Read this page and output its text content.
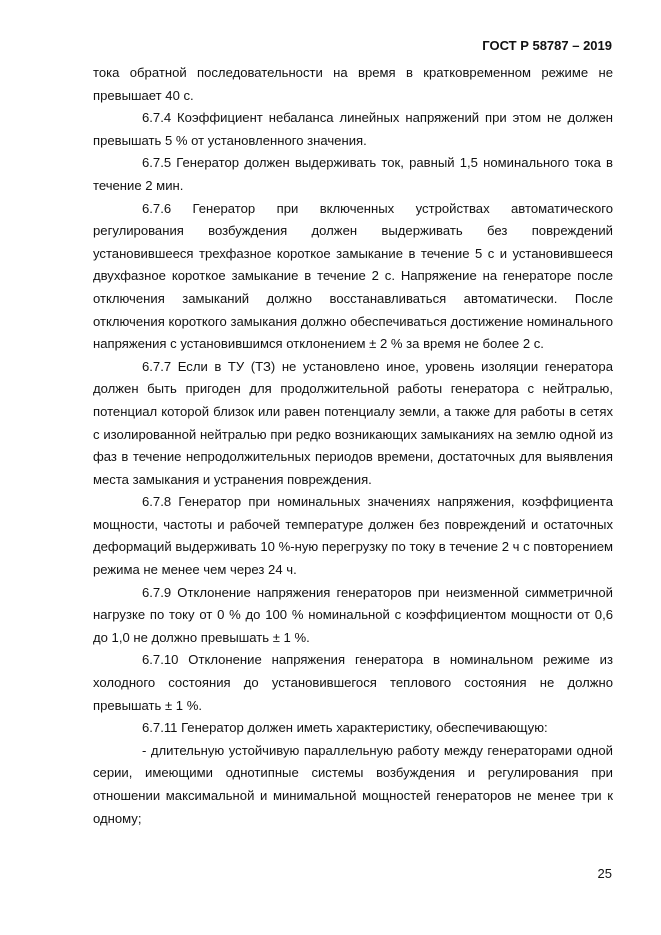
ГОСТ Р 58787 – 2019

тока обратной последовательности на время в кратковременном режиме не превышает 40 с.

6.7.4 Коэффициент небаланса линейных напряжений при этом не должен превышать 5 % от установленного значения.

6.7.5 Генератор должен выдерживать ток, равный 1,5 номинального тока в течение 2 мин.

6.7.6 Генератор при включенных устройствах автоматического регулирования возбуждения должен выдерживать без повреждений установившееся трехфазное короткое замыкание в течение 5 с и установившееся двухфазное короткое замыкание в течение 2 с. Напряжение на генераторе после отключения замыканий должно восстанавливаться автоматически. После отключения короткого замыкания должно обеспечиваться достижение номинального напряжения с установившимся отклонением ± 2 % за время не более 2 с.

6.7.7 Если в ТУ (ТЗ) не установлено иное, уровень изоляции генератора должен быть пригоден для продолжительной работы генератора с нейтралью, потенциал которой близок или равен потенциалу земли, а также для работы в сетях с изолированной нейтралью при редко возникающих замыканиях на землю одной из фаз в течение непродолжительных периодов времени, достаточных для выявления места замыкания и устранения повреждения.

6.7.8 Генератор при номинальных значениях напряжения, коэффициента мощности, частоты и рабочей температуре должен без повреждений и остаточных деформаций выдерживать 10 %-ную перегрузку по току в течение 2 ч с повторением режима не менее чем через 24 ч.

6.7.9 Отклонение напряжения генераторов при неизменной симметричной нагрузке по току от 0 % до 100 % номинальной с коэффициентом мощности от 0,6 до 1,0 не должно превышать ± 1 %.

6.7.10 Отклонение напряжения генератора в номинальном режиме из холодного состояния до установившегося теплового состояния не должно превышать ± 1 %.

6.7.11 Генератор должен иметь характеристику, обеспечивающую:

- длительную устойчивую параллельную работу между генераторами одной серии, имеющими однотипные системы возбуждения и регулирования при отношении максимальной и минимальной мощностей генераторов не менее три к одному;

25
